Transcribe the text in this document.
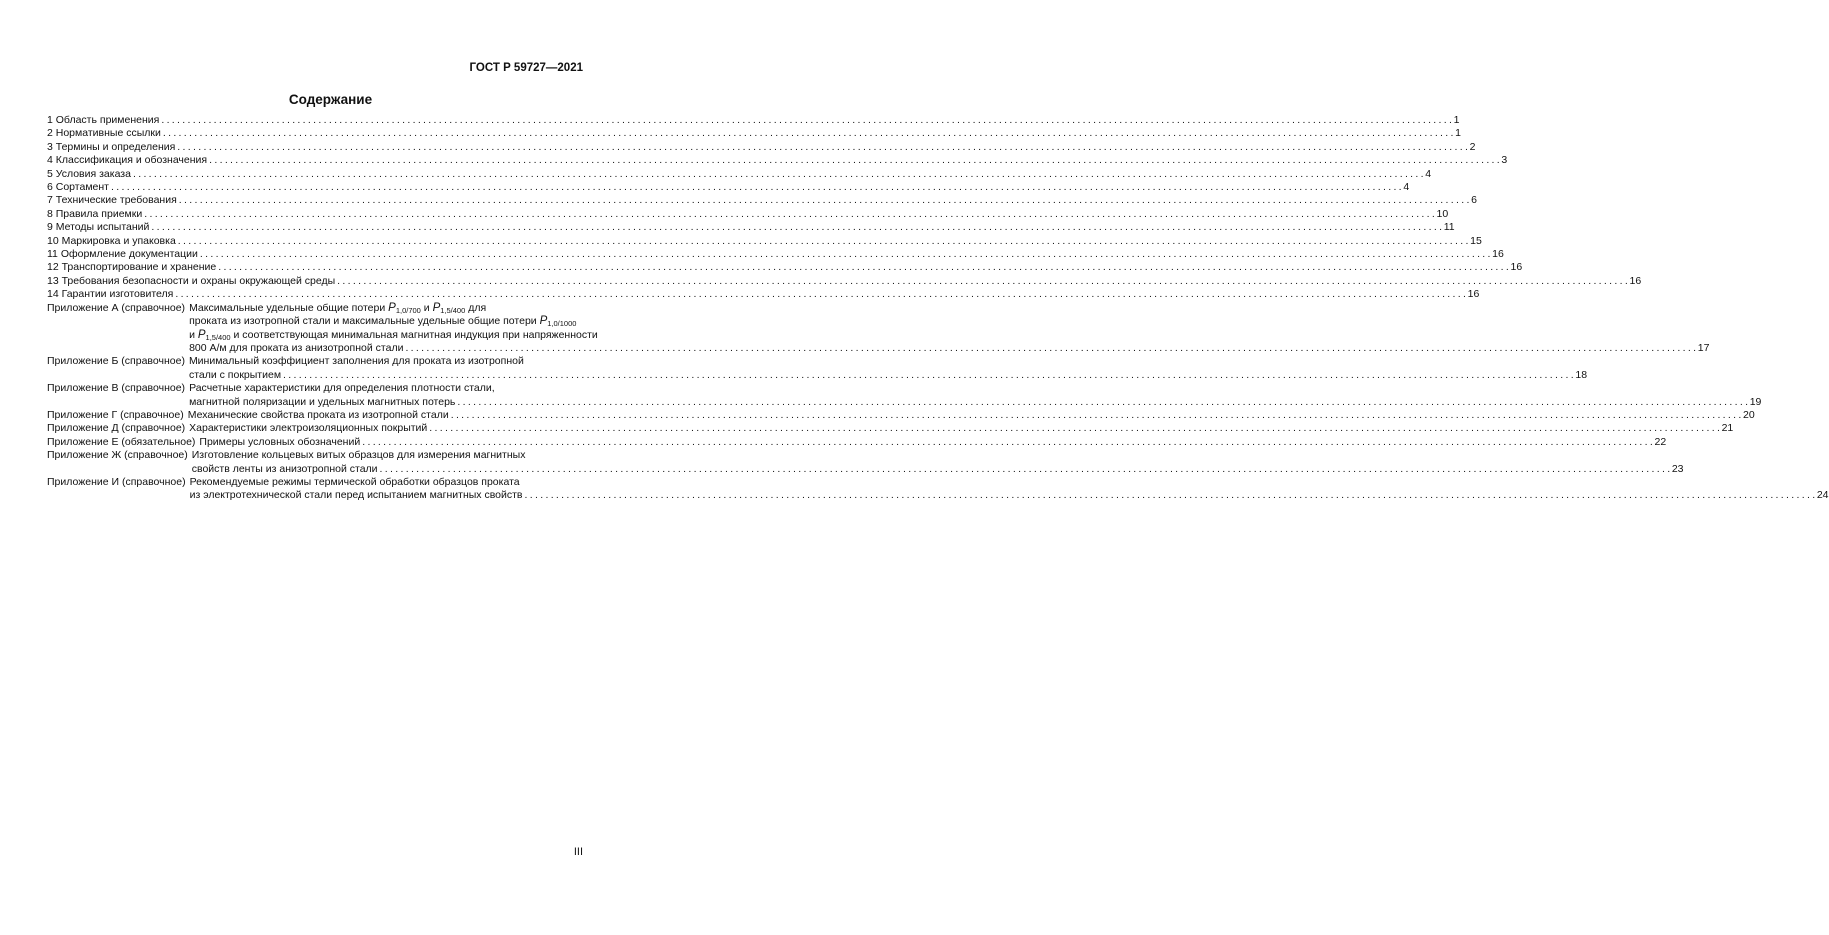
ГОСТ Р 59727—2021
Содержание
1 Область применения . . .	1
2 Нормативные ссылки . . .	1
3 Термины и определения . . .	2
4 Классификация и обозначения . . .	3
5 Условия заказа . . .	4
6 Сортамент . . .	4
7 Технические требования . . .	6
8 Правила приемки . . .	10
9 Методы испытаний . . .	11
10 Маркировка и упаковка . . .	15
11 Оформление документации . . .	16
12 Транспортирование и хранение . . .	16
13 Требования безопасности и охраны окружающей среды . . .	16
14 Гарантии изготовителя . . .	16
Приложение А (справочное) Максимальные удельные общие потери $P_{1,0/700}$ и $P_{1,5/400}$ для
проката из изотропной стали и максимальные удельные общие потери $P_{1,0/1000}$
и $P_{1,5/400}$ и соответствующая минимальная магнитная индукция при напряженности
800 А/м для проката из анизотропной стали . . .	17
Приложение Б (справочное) Минимальный коэффициент заполнения для проката из изотропной
стали с покрытием . . .	18
Приложение В (справочное) Расчетные характеристики для определения плотности стали,
магнитной поляризации и удельных магнитных потерь . . .	19
Приложение Г (справочное) Механические свойства проката из изотропной стали . . .	20
Приложение Д (справочное) Характеристики электроизоляционных покрытий . . .	21
Приложение Е (обязательное) Примеры условных обозначений . . .	22
Приложение Ж (справочное) Изготовление кольцевых витых образцов для измерения магнитных
свойств ленты из анизотропной стали . . .	23
Приложение И (справочное) Рекомендуемые режимы термической обработки образцов проката
из электротехнической стали перед испытанием магнитных свойств . . .	24
III
